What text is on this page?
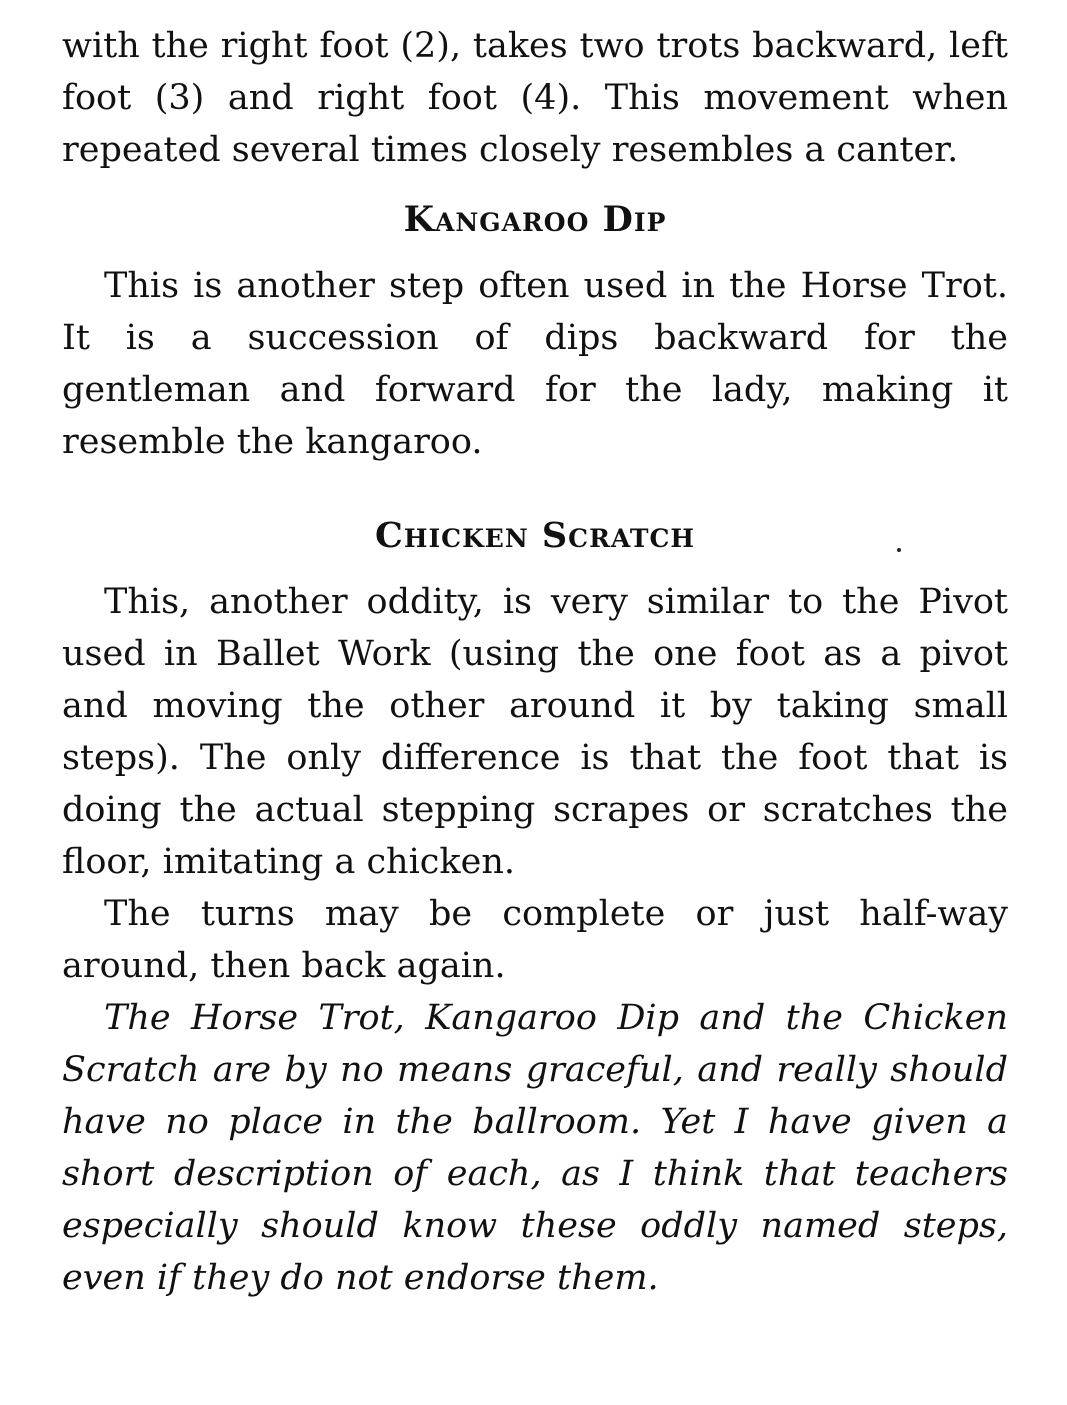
with the right foot (2), takes two trots backward, left foot (3) and right foot (4). This movement when repeated several times closely resembles a canter.

Kangaroo Dip

This is another step often used in the Horse Trot. It is a succession of dips backward for the gentleman and forward for the lady, making it resemble the kangaroo.

Chicken Scratch

This, another oddity, is very similar to the Pivot used in Ballet Work (using the one foot as a pivot and moving the other around it by taking small steps). The only difference is that the foot that is doing the actual stepping scrapes or scratches the floor, imitating a chicken.

The turns may be complete or just half-way around, then back again.

The Horse Trot, Kangaroo Dip and the Chicken Scratch are by no means graceful, and really should have no place in the ballroom. Yet I have given a short description of each, as I think that teachers especially should know these oddly named steps, even if they do not endorse them.
